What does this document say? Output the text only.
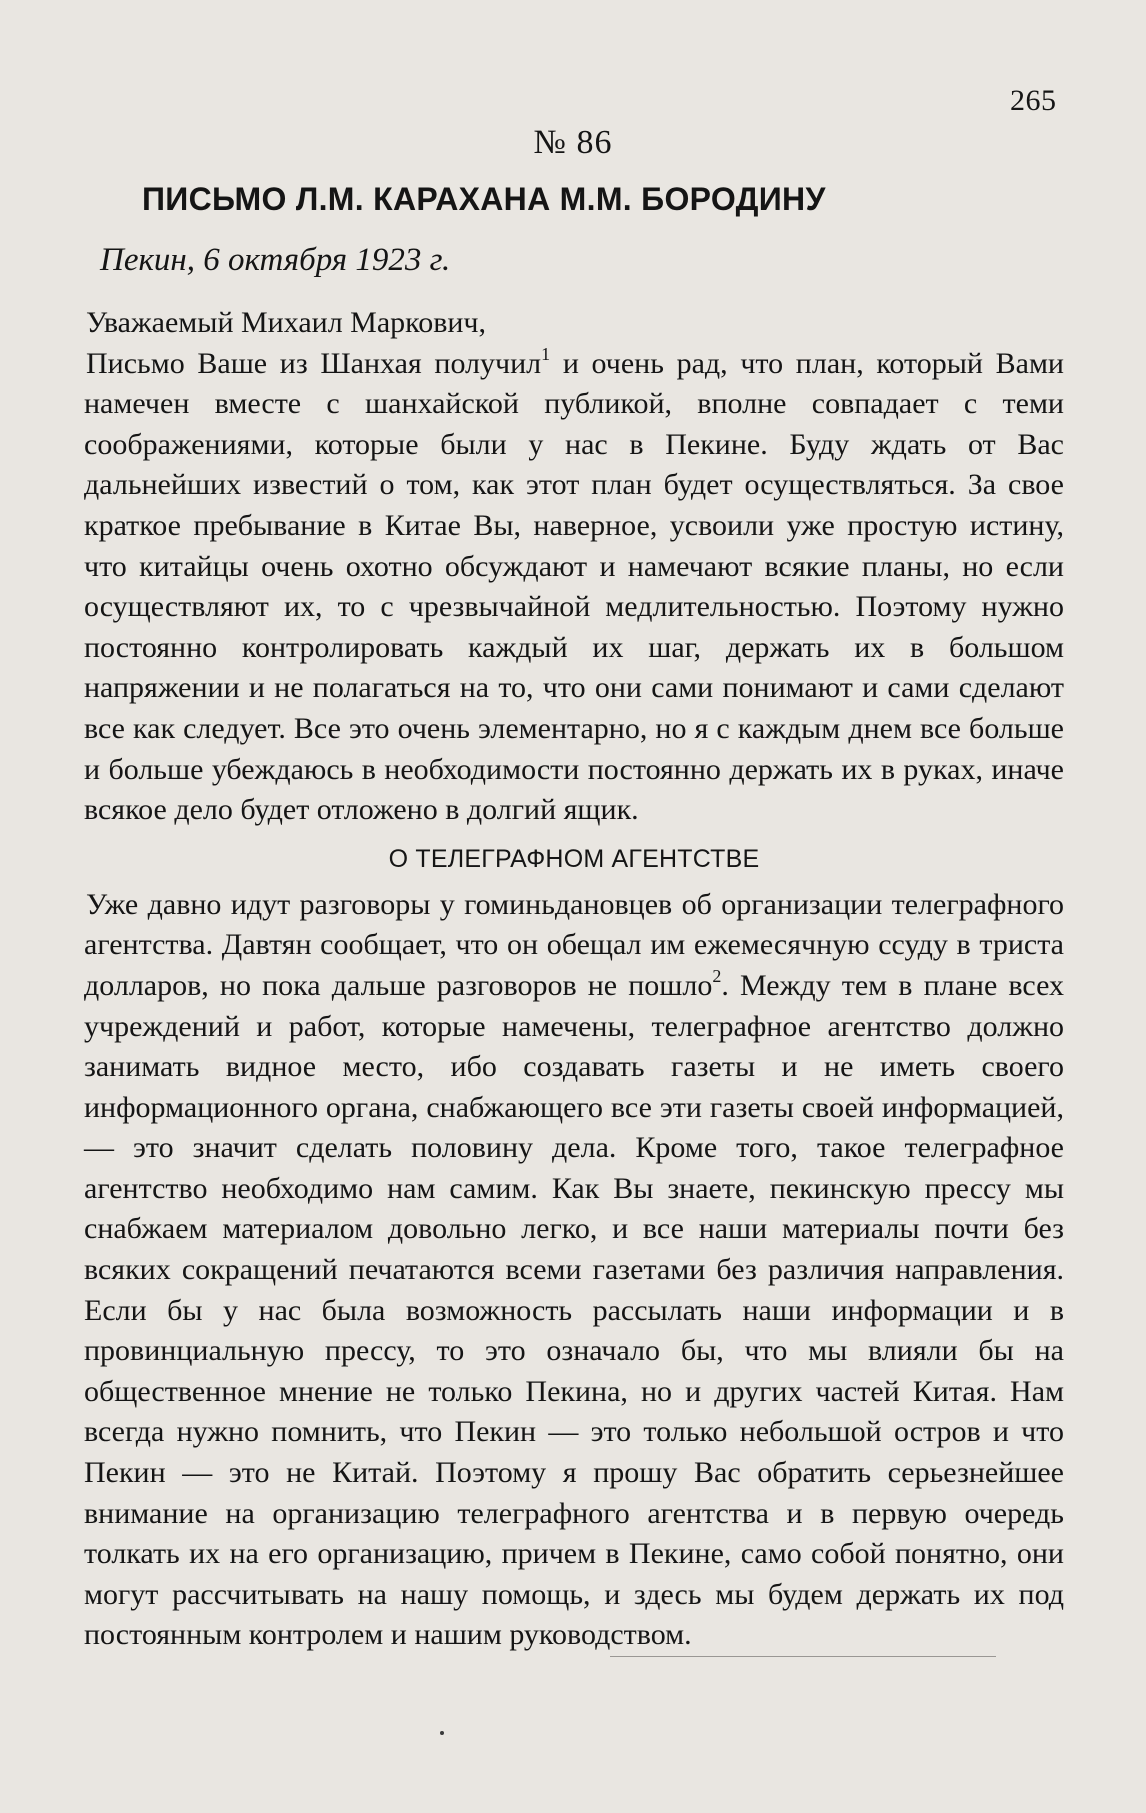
265
№ 86
ПИСЬМО Л.М. КАРАХАНА М.М. БОРОДИНУ
Пекин, 6 октября 1923 г.

Уважаемый Михаил Маркович,

Письмо Ваше из Шанхая получил$^1$ и очень рад, что план, который Вами намечен вместе с шанхайской публикой, вполне совпадает с теми соображениями, которые были у нас в Пекине. Буду ждать от Вас дальнейших известий о том, как этот план будет осуществляться. За свое краткое пребывание в Китае Вы, наверное, усвоили уже простую истину, что китайцы очень охотно обсуждают и намечают всякие планы, но если осуществляют их, то с чрезвычайной медлительностью. Поэтому нужно постоянно контролировать каждый их шаг, держать их в большом напряжении и не полагаться на то, что они сами понимают и сами сделают все как следует. Все это очень элементарно, но я с каждым днем все больше и больше убеждаюсь в необходимости постоянно держать их в руках, иначе всякое дело будет отложено в долгий ящик.

О ТЕЛЕГРАФНОМ АГЕНТСТВЕ

Уже давно идут разговоры у гоминьдановцев об организации телеграфного агентства. Давтян сообщает, что он обещал им ежемесячную ссуду в триста долларов, но пока дальше разговоров не пошло$^2$. Между тем в плане всех учреждений и работ, которые намечены, телеграфное агентство должно занимать видное место, ибо создавать газеты и не иметь своего информационного органа, снабжающего все эти газеты своей информацией, — это значит сделать половину дела. Кроме того, такое телеграфное агентство необходимо нам самим. Как Вы знаете, пекинскую прессу мы снабжаем материалом довольно легко, и все наши материалы почти без всяких сокращений печатаются всеми газетами без различия направления. Если бы у нас была возможность рассылать наши информации и в провинциальную прессу, то это означало бы, что мы влияли бы на общественное мнение не только Пекина, но и других частей Китая. Нам всегда нужно помнить, что Пекин — это только небольшой остров и что Пекин — это не Китай. Поэтому я прошу Вас обратить серьезнейшее внимание на организацию телеграфного агентства и в первую очередь толкать их на его организацию, причем в Пекине, само собой понятно, они могут рассчитывать на нашу помощь, и здесь мы будем держать их под постоянным контролем и нашим руководством.
